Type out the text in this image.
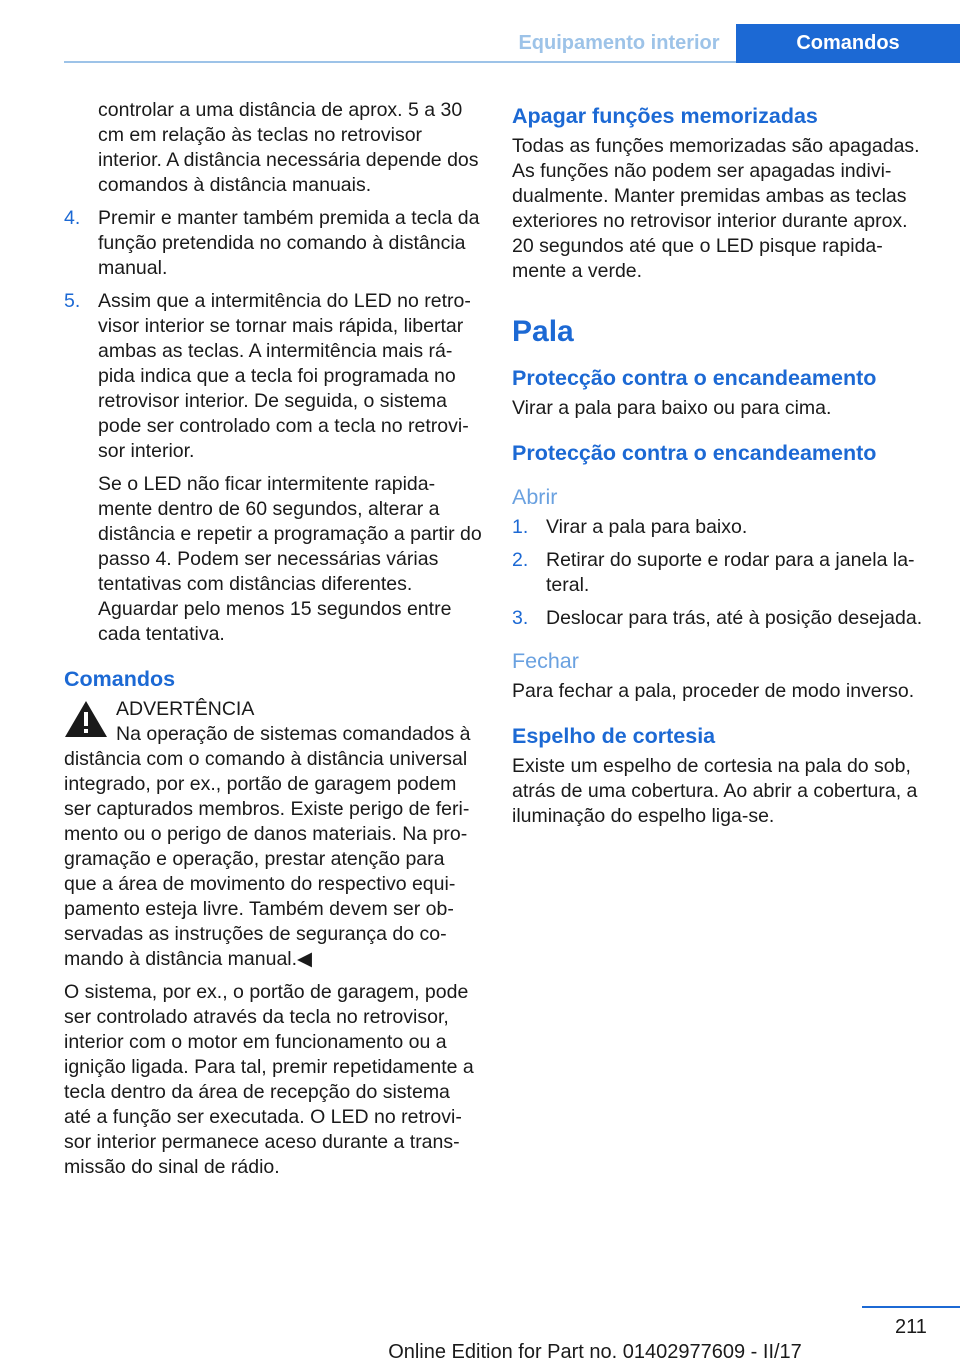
Equipamento interior	Comandos

controlar a uma distância de aprox. 5 a 30 cm em relação às teclas no retrovisor interior. A distância necessária depende dos comandos à distância manuais.

4. Premir e manter também premida a tecla da função pretendida no comando à distância manual.
5. Assim que a intermitência do LED no retrovisor interior se tornar mais rápida, libertar ambas as teclas. A intermitência mais rápida indica que a tecla foi programada no retrovisor interior. De seguida, o sistema pode ser controlado com a tecla no retrovisor interior.

Se o LED não ficar intermitente rapidamente dentro de 60 segundos, alterar a distância e repetir a programação a partir do passo 4. Podem ser necessárias várias tentativas com distâncias diferentes. Aguardar pelo menos 15 segundos entre cada tentativa.

Comandos
ADVERTÊNCIA

Na operação de sistemas comandados à distância com o comando à distância universal integrado, por ex., portão de garagem podem ser capturados membros. Existe perigo de ferimento ou o perigo de danos materiais. Na programação e operação, prestar atenção para que a área de movimento do respectivo equipamento esteja livre. Também devem ser observadas as instruções de segurança do comando à distância manual.◀

O sistema, por ex., o portão de garagem, pode ser controlado através da tecla no retrovisor, interior com o motor em funcionamento ou a ignição ligada. Para tal, premir repetidamente a tecla dentro da área de recepção do sistema até a função ser executada. O LED no retrovisor interior permanece aceso durante a transmissão do sinal de rádio.

Apagar funções memorizadas

Todas as funções memorizadas são apagadas. As funções não podem ser apagadas individualmente. Manter premidas ambas as teclas exteriores no retrovisor interior durante aprox. 20 segundos até que o LED pisque rapidamente a verde.

Pala
Protecção contra o encandeamento

Virar a pala para baixo ou para cima.

Protecção contra o encandeamento
Abrir
1. Virar a pala para baixo.
2. Retirar do suporte e rodar para a janela lateral.
3. Deslocar para trás, até à posição desejada.
Fechar

Para fechar a pala, proceder de modo inverso.

Espelho de cortesia

Existe um espelho de cortesia na pala do sob, atrás de uma cobertura. Ao abrir a cobertura, a iluminação do espelho liga-se.

211
Online Edition for Part no. 01402977609 - II/17
